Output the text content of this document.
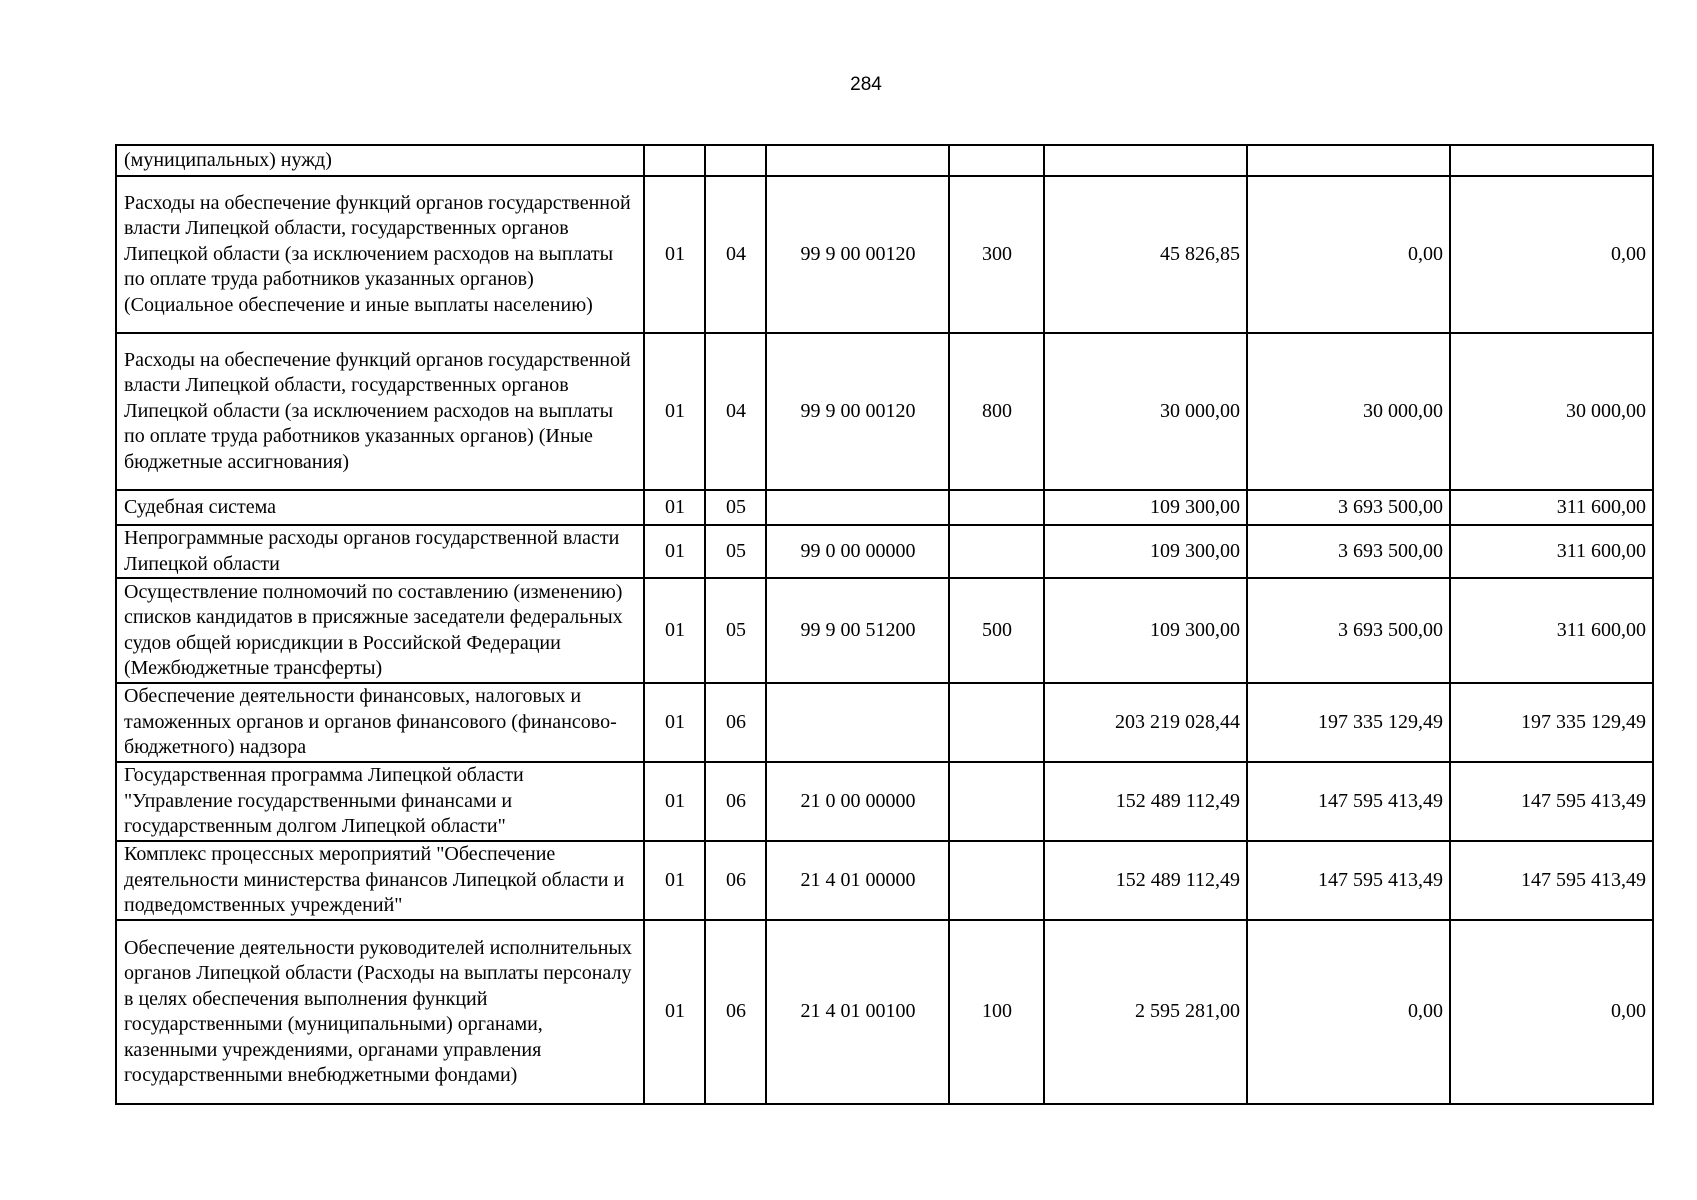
284
(муниципальных) нужд)							
Расходы на обеспечение функций органов государственной власти Липецкой области, государственных органов Липецкой области (за исключением расходов на выплаты по оплате труда работников указанных органов) (Социальное обеспечение и иные выплаты населению)	01	04	99 9 00 00120	300	45 826,85	0,00	0,00
Расходы на обеспечение функций органов государственной власти Липецкой области, государственных органов Липецкой области (за исключением расходов на выплаты по оплате труда работников указанных органов) (Иные бюджетные ассигнования)	01	04	99 9 00 00120	800	30 000,00	30 000,00	30 000,00
Судебная система	01	05			109 300,00	3 693 500,00	311 600,00
Непрограммные расходы органов государственной власти Липецкой области	01	05	99 0 00 00000		109 300,00	3 693 500,00	311 600,00
Осуществление полномочий по составлению (изменению) списков кандидатов в присяжные заседатели федеральных судов общей юрисдикции в Российской Федерации (Межбюджетные трансферты)	01	05	99 9 00 51200	500	109 300,00	3 693 500,00	311 600,00
Обеспечение деятельности финансовых, налоговых и таможенных органов и органов финансового (финансово-бюджетного) надзора	01	06			203 219 028,44	197 335 129,49	197 335 129,49
Государственная программа Липецкой области "Управление государственными финансами и государственным долгом Липецкой области"	01	06	21 0 00 00000		152 489 112,49	147 595 413,49	147 595 413,49
Комплекс процессных мероприятий "Обеспечение деятельности министерства финансов Липецкой области и подведомственных учреждений"	01	06	21 4 01 00000		152 489 112,49	147 595 413,49	147 595 413,49
Обеспечение деятельности руководителей исполнительных органов Липецкой области (Расходы на выплаты персоналу в целях обеспечения выполнения функций государственными (муниципальными) органами, казенными учреждениями, органами управления государственными внебюджетными фондами)	01	06	21 4 01 00100	100	2 595 281,00	0,00	0,00
